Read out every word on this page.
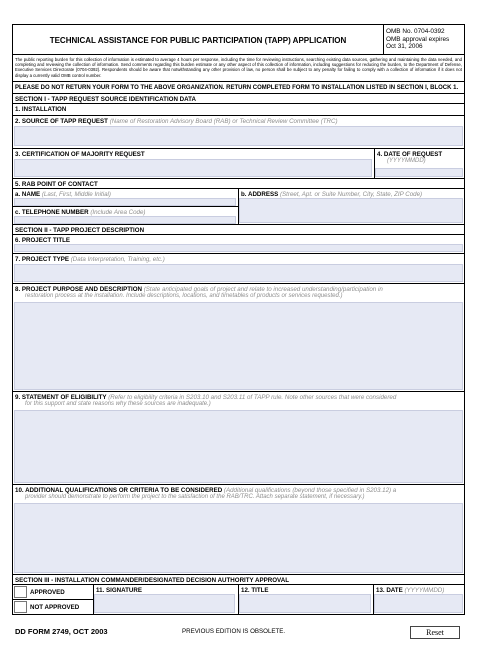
TECHNICAL ASSISTANCE FOR PUBLIC PARTICIPATION (TAPP) APPLICATION
OMB No. 0704-0392
OMB approval expires
Oct 31, 2006
The public reporting burden for this collection of information is estimated to average 4 hours per response, including the time for reviewing instructions, searching existing data sources, gathering and maintaining the data needed, and completing and reviewing the collection of information. Send comments regarding this burden estimate or any other aspect of this collection of information, including suggestions for reducing the burden, to the Department of Defense, Executive Services Directorate (0704-0392). Respondents should be aware that notwithstanding any other provision of law, no person shall be subject to any penalty for failing to comply with a collection of information if it does not display a currently valid OMB control number.
PLEASE DO NOT RETURN YOUR FORM TO THE ABOVE ORGANIZATION. RETURN COMPLETED FORM TO INSTALLATION LISTED IN SECTION I, BLOCK 1.
SECTION I - TAPP REQUEST SOURCE IDENTIFICATION DATA
1. INSTALLATION
2. SOURCE OF TAPP REQUEST (Name of Restoration Advisory Board (RAB) or Technical Review Committee (TRC)
3. CERTIFICATION OF MAJORITY REQUEST	4. DATE OF REQUEST
(YYYYMMDD)
5. RAB POINT OF CONTACT
a. NAME (Last, First, Middle Initial)
c. TELEPHONE NUMBER (Include Area Code)
b. ADDRESS (Street, Apt. or Suite Number, City, State, ZIP Code)
SECTION II - TAPP PROJECT DESCRIPTION
6. PROJECT TITLE
7. PROJECT TYPE (Data Interpretation, Training, etc.)
8. PROJECT PURPOSE AND DESCRIPTION (State anticipated goals of project and relate to increased understanding/participation in
restoration process at the installation. Include descriptions, locations, and timetables of products or services requested.)
9. STATEMENT OF ELIGIBILITY (Refer to eligibility criteria in S203.10 and S203.11 of TAPP rule. Note other sources that were considered
for this support and state reasons why these sources are inadequate.)
10. ADDITIONAL QUALIFICATIONS OR CRITERIA TO BE CONSIDERED (Additional qualifications (beyond those specified in S203.12) a
provider should demonstrate to perform the project to the satisfaction of the RAB/TRC. Attach separate statement, if necessary.)
SECTION III - INSTALLATION COMMANDER/DESIGNATED DECISION AUTHORITY APPROVAL
APPROVED
NOT APPROVED
11. SIGNATURE	12. TITLE	13. DATE (YYYYMMDD)
DD FORM 2749, OCT 2003	PREVIOUS EDITION IS OBSOLETE.	Reset
